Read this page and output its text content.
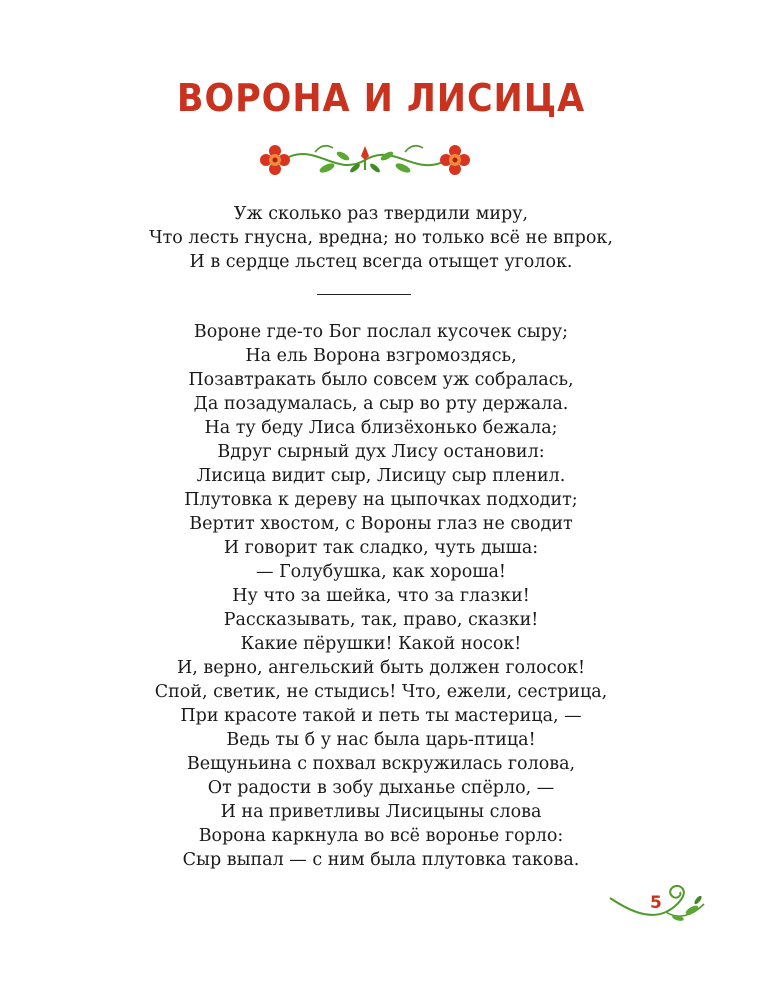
ВОРОНА И ЛИСИЦА
Уж сколько раз твердили миру,
Что лесть гнусна, вредна; но только всё не впрок,
И в сердце льстец всегда отыщет уголок.
Вороне где-то Бог послал кусочек сыру;
На ель Ворона взгромоздясь,
Позавтракать было совсем уж собралась,
Да позадумалась, а сыр во рту держала.
На ту беду Лиса близёхонько бежала;
Вдруг сырный дух Лису остановил:
Лисица видит сыр, Лисицу сыр пленил.
Плутовка к дереву на цыпочках подходит;
Вертит хвостом, с Вороны глаз не сводит
И говорит так сладко, чуть дыша:
— Голубушка, как хороша!
Ну что за шейка, что за глазки!
Рассказывать, так, право, сказки!
Какие пёрушки! Какой носок!
И, верно, ангельский быть должен голосок!
Спой, светик, не стыдись! Что, ежели, сестрица,
При красоте такой и петь ты мастерица, —
Ведь ты б у нас была царь-птица!
Вещуньина с похвал вскружилась голова,
От радости в зобу дыханье спёрло, —
И на приветливы Лисицыны слова
Ворона каркнула во всё воронье горло:
Сыр выпал — с ним была плутовка такова.
5
